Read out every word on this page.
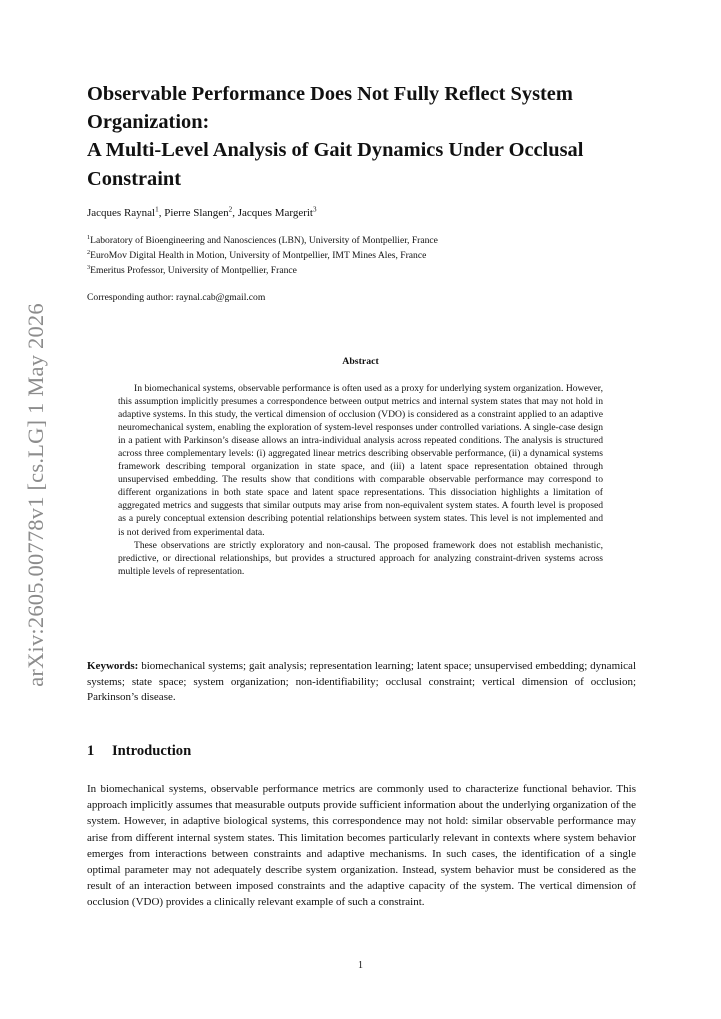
arXiv:2605.00778v1 [cs.LG] 1 May 2026
Observable Performance Does Not Fully Reflect System
Organization:
A Multi-Level Analysis of Gait Dynamics Under Occlusal
Constraint
Jacques Raynal$^1$, Pierre Slangen$^2$, Jacques Margerit$^3$
$^1$Laboratory of Bioengineering and Nanosciences (LBN), University of Montpellier, France
$^2$EuroMov Digital Health in Motion, University of Montpellier, IMT Mines Ales, France
$^3$Emeritus Professor, University of Montpellier, France
Corresponding author: raynal.cab@gmail.com
Abstract

In biomechanical systems, observable performance is often used as a proxy for underlying system organization. However, this assumption implicitly presumes a correspondence between output metrics and internal system states that may not hold in adaptive systems. In this study, the vertical dimension of occlusion (VDO) is considered as a constraint applied to an adaptive neuromechanical system, enabling the exploration of system-level responses under controlled variations. A single-case design in a patient with Parkinson’s disease allows an intra-individual analysis across repeated conditions. The analysis is structured across three complementary levels: (i) aggregated linear metrics describing observable performance, (ii) a dynamical systems framework describing temporal organization in state space, and (iii) a latent space representation obtained through unsupervised embedding. The results show that conditions with comparable observable performance may correspond to different organizations in both state space and latent space representations. This dissociation highlights a limitation of aggregated metrics and suggests that similar outputs may arise from non-equivalent system states. A fourth level is proposed as a purely conceptual extension describing potential relationships between system states. This level is not implemented and is not derived from experimental data.

These observations are strictly exploratory and non-causal. The proposed framework does not establish mechanistic, predictive, or directional relationships, but provides a structured approach for analyzing constraint-driven systems across multiple levels of representation.

Keywords: biomechanical systems; gait analysis; representation learning; latent space; unsupervised embedding; dynamical systems; state space; system organization; non-identifiability; occlusal constraint; vertical dimension of occlusion; Parkinson’s disease.

1 Introduction

In biomechanical systems, observable performance metrics are commonly used to characterize functional behavior. This approach implicitly assumes that measurable outputs provide sufficient information about the underlying organization of the system. However, in adaptive biological systems, this correspondence may not hold: similar observable performance may arise from different internal system states. This limitation becomes particularly relevant in contexts where system behavior emerges from interactions between constraints and adaptive mechanisms. In such cases, the identification of a single optimal parameter may not adequately describe system organization. Instead, system behavior must be considered as the result of an interaction between imposed constraints and the adaptive capacity of the system. The vertical dimension of occlusion (VDO) provides a clinically relevant example of such a constraint.

1
